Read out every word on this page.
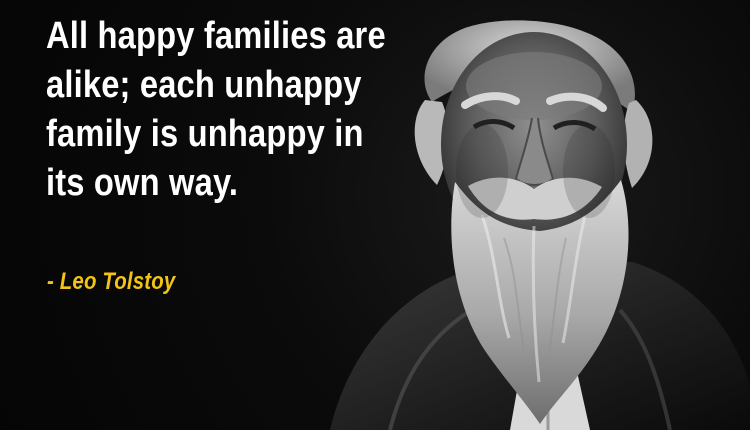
All happy families are
alike; each unhappy
family is unhappy in
its own way.
- Leo Tolstoy
